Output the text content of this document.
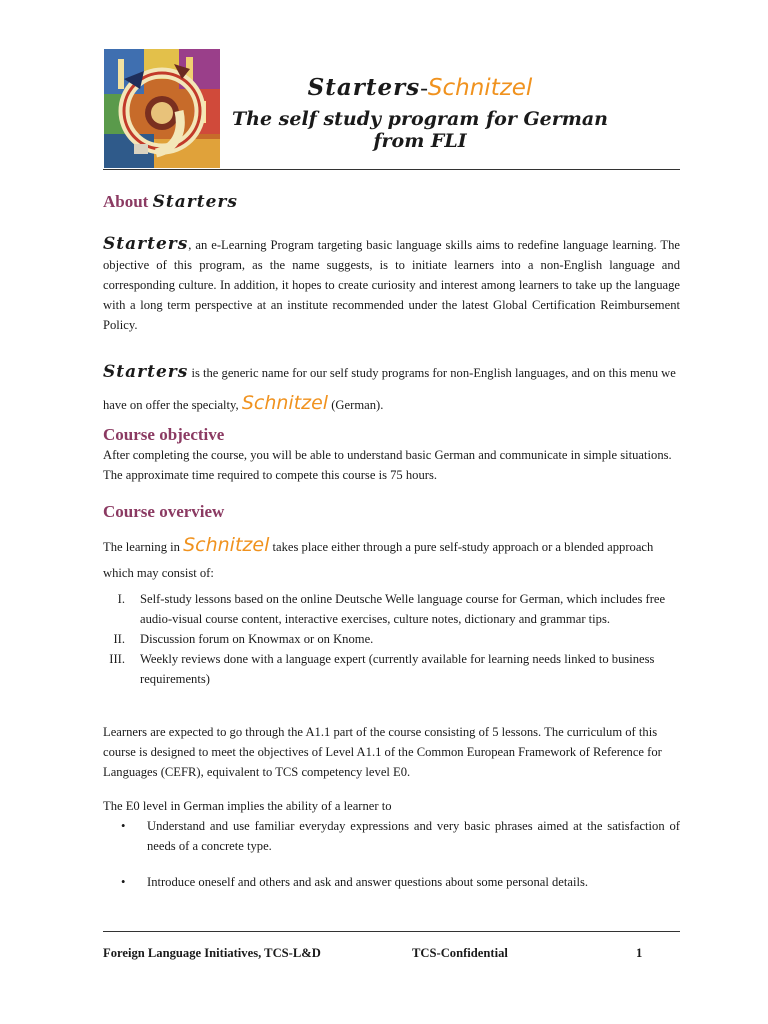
Starters-Schnitzel
The self study program for German from FLI
About Starters
Starters, an e-Learning Program targeting basic language skills aims to redefine language learning. The objective of this program, as the name suggests, is to initiate learners into a non-English language and corresponding culture. In addition, it hopes to create curiosity and interest among learners to take up the language with a long term perspective at an institute recommended under the latest Global Certification Reimbursement Policy.
Starters is the generic name for our self study programs for non-English languages, and on this menu we have on offer the specialty, Schnitzel (German).
Course objective
After completing the course, you will be able to understand basic German and communicate in simple situations. The approximate time required to compete this course is 75 hours.
Course overview
The learning in Schnitzel takes place either through a pure self-study approach or a blended approach which may consist of:
I. Self-study lessons based on the online Deutsche Welle language course for German, which includes free audio-visual course content, interactive exercises, culture notes, dictionary and grammar tips.
II. Discussion forum on Knowmax or on Knome.
III. Weekly reviews done with a language expert (currently available for learning needs linked to business requirements)
Learners are expected to go through the A1.1 part of the course consisting of 5 lessons. The curriculum of this course is designed to meet the objectives of Level A1.1 of the Common European Framework of Reference for Languages (CEFR), equivalent to TCS competency level E0.
The E0 level in German implies the ability of a learner to
• Understand and use familiar everyday expressions and very basic phrases aimed at the satisfaction of needs of a concrete type.
• Introduce oneself and others and ask and answer questions about some personal details.
Foreign Language Initiatives, TCS-L&D	TCS-Confidential	1
